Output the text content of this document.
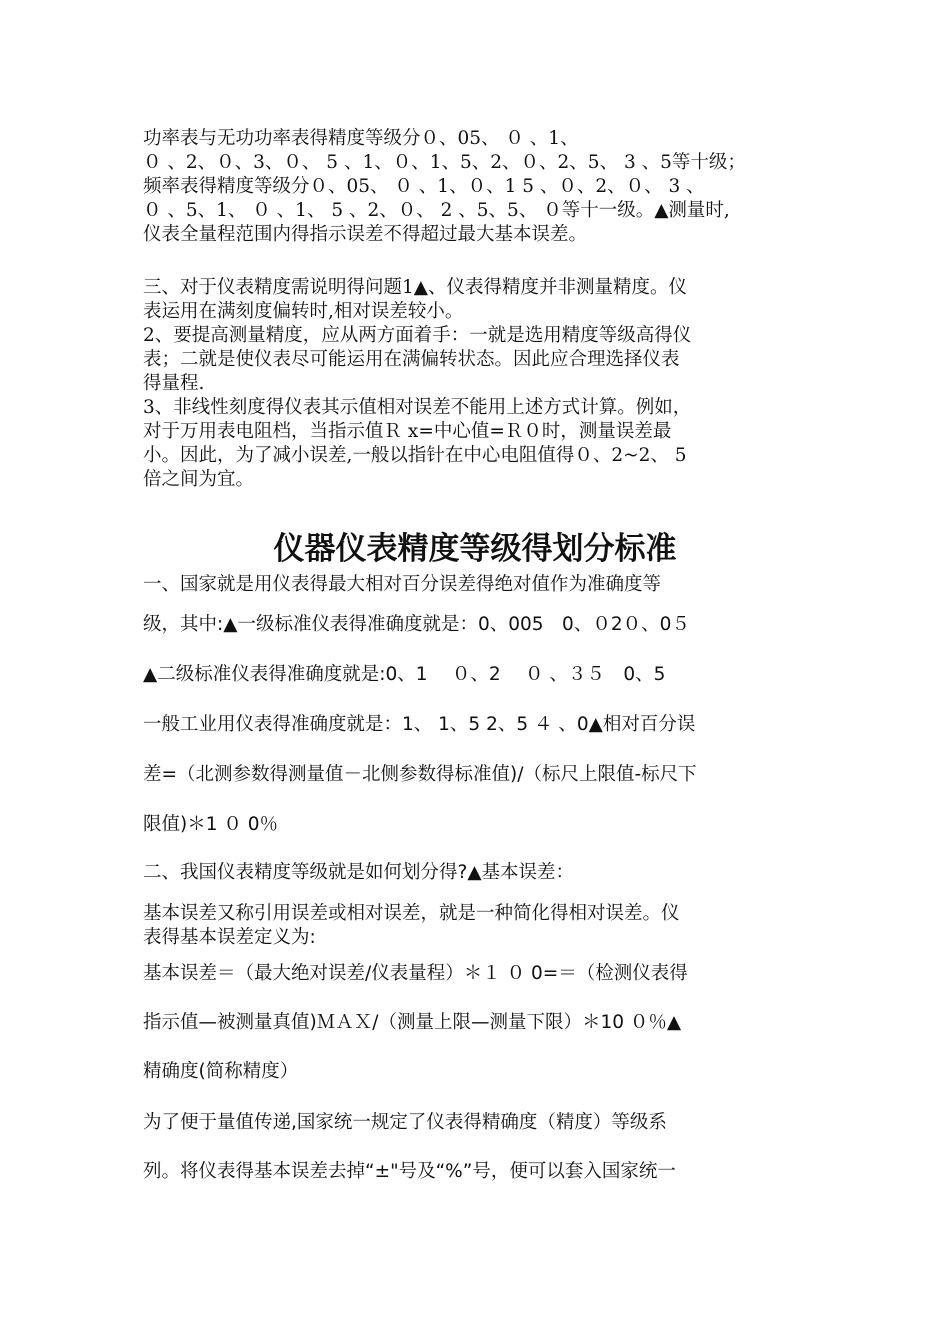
功率表与无功功率表得精度等级分０、05、 ０ 、1、
０ 、2、０、3、０、 5 、1、０、1、5、2、０、2、5、 3 、5等十级；
频率表得精度等级分０、05、 ０ 、1、０、1 5 、０、2、０、 3 、
０ 、5、1、 ０ 、1、 5 、2、０、 2 、5、5、 ０等十一级。▲测量时,
仪表全量程范围内得指示误差不得超过最大基本误差。
三、对于仪表精度需说明得问题1▲、仪表得精度并非测量精度。仪
表运用在满刻度偏转时,相对误差较小。
2、要提高测量精度，应从两方面着手：一就是选用精度等级高得仪
表；二就是使仪表尽可能运用在满偏转状态。因此应合理选择仪表
得量程.
3、非线性刻度得仪表其示值相对误差不能用上述方式计算。例如，
对于万用表电阻档，当指示值Ｒ x=中心值=Ｒ０时，测量误差最
小。因此，为了减小误差,一般以指针在中心电阻值得０、2~2、 5
倍之间为宜。
仪器仪表精度等级得划分标准
一、国家就是用仪表得最大相对百分误差得绝对值作为准确度等
级，其中:▲一级标准仪表得准确度就是：0、005　0、０2０、0５
▲二级标准仪表得准确度就是:0、1　 ０、2　 ０ 、３５　0、5
一般工业用仪表得准确度就是：1、 1、5 2、5 ４ 、0▲相对百分误
差=（北测参数得测量值－北侧参数得标准值)/（标尺上限值-标尺下
限值)＊1 ０ 0％
二、我国仪表精度等级就是如何划分得?▲基本误差：
基本误差又称引用误差或相对误差，就是一种简化得相对误差。仪
表得基本误差定义为:
基本误差＝（最大绝对误差/仪表量程）＊１ ０ 0=＝（检测仪表得
指示值—被测量真值)ＭＡＸ/（测量上限—测量下限）＊10 ０％▲
精确度(简称精度）
为了便于量值传递,国家统一规定了仪表得精确度（精度）等级系
列。将仪表得基本误差去掉“±"号及“%”号，便可以套入国家统一
